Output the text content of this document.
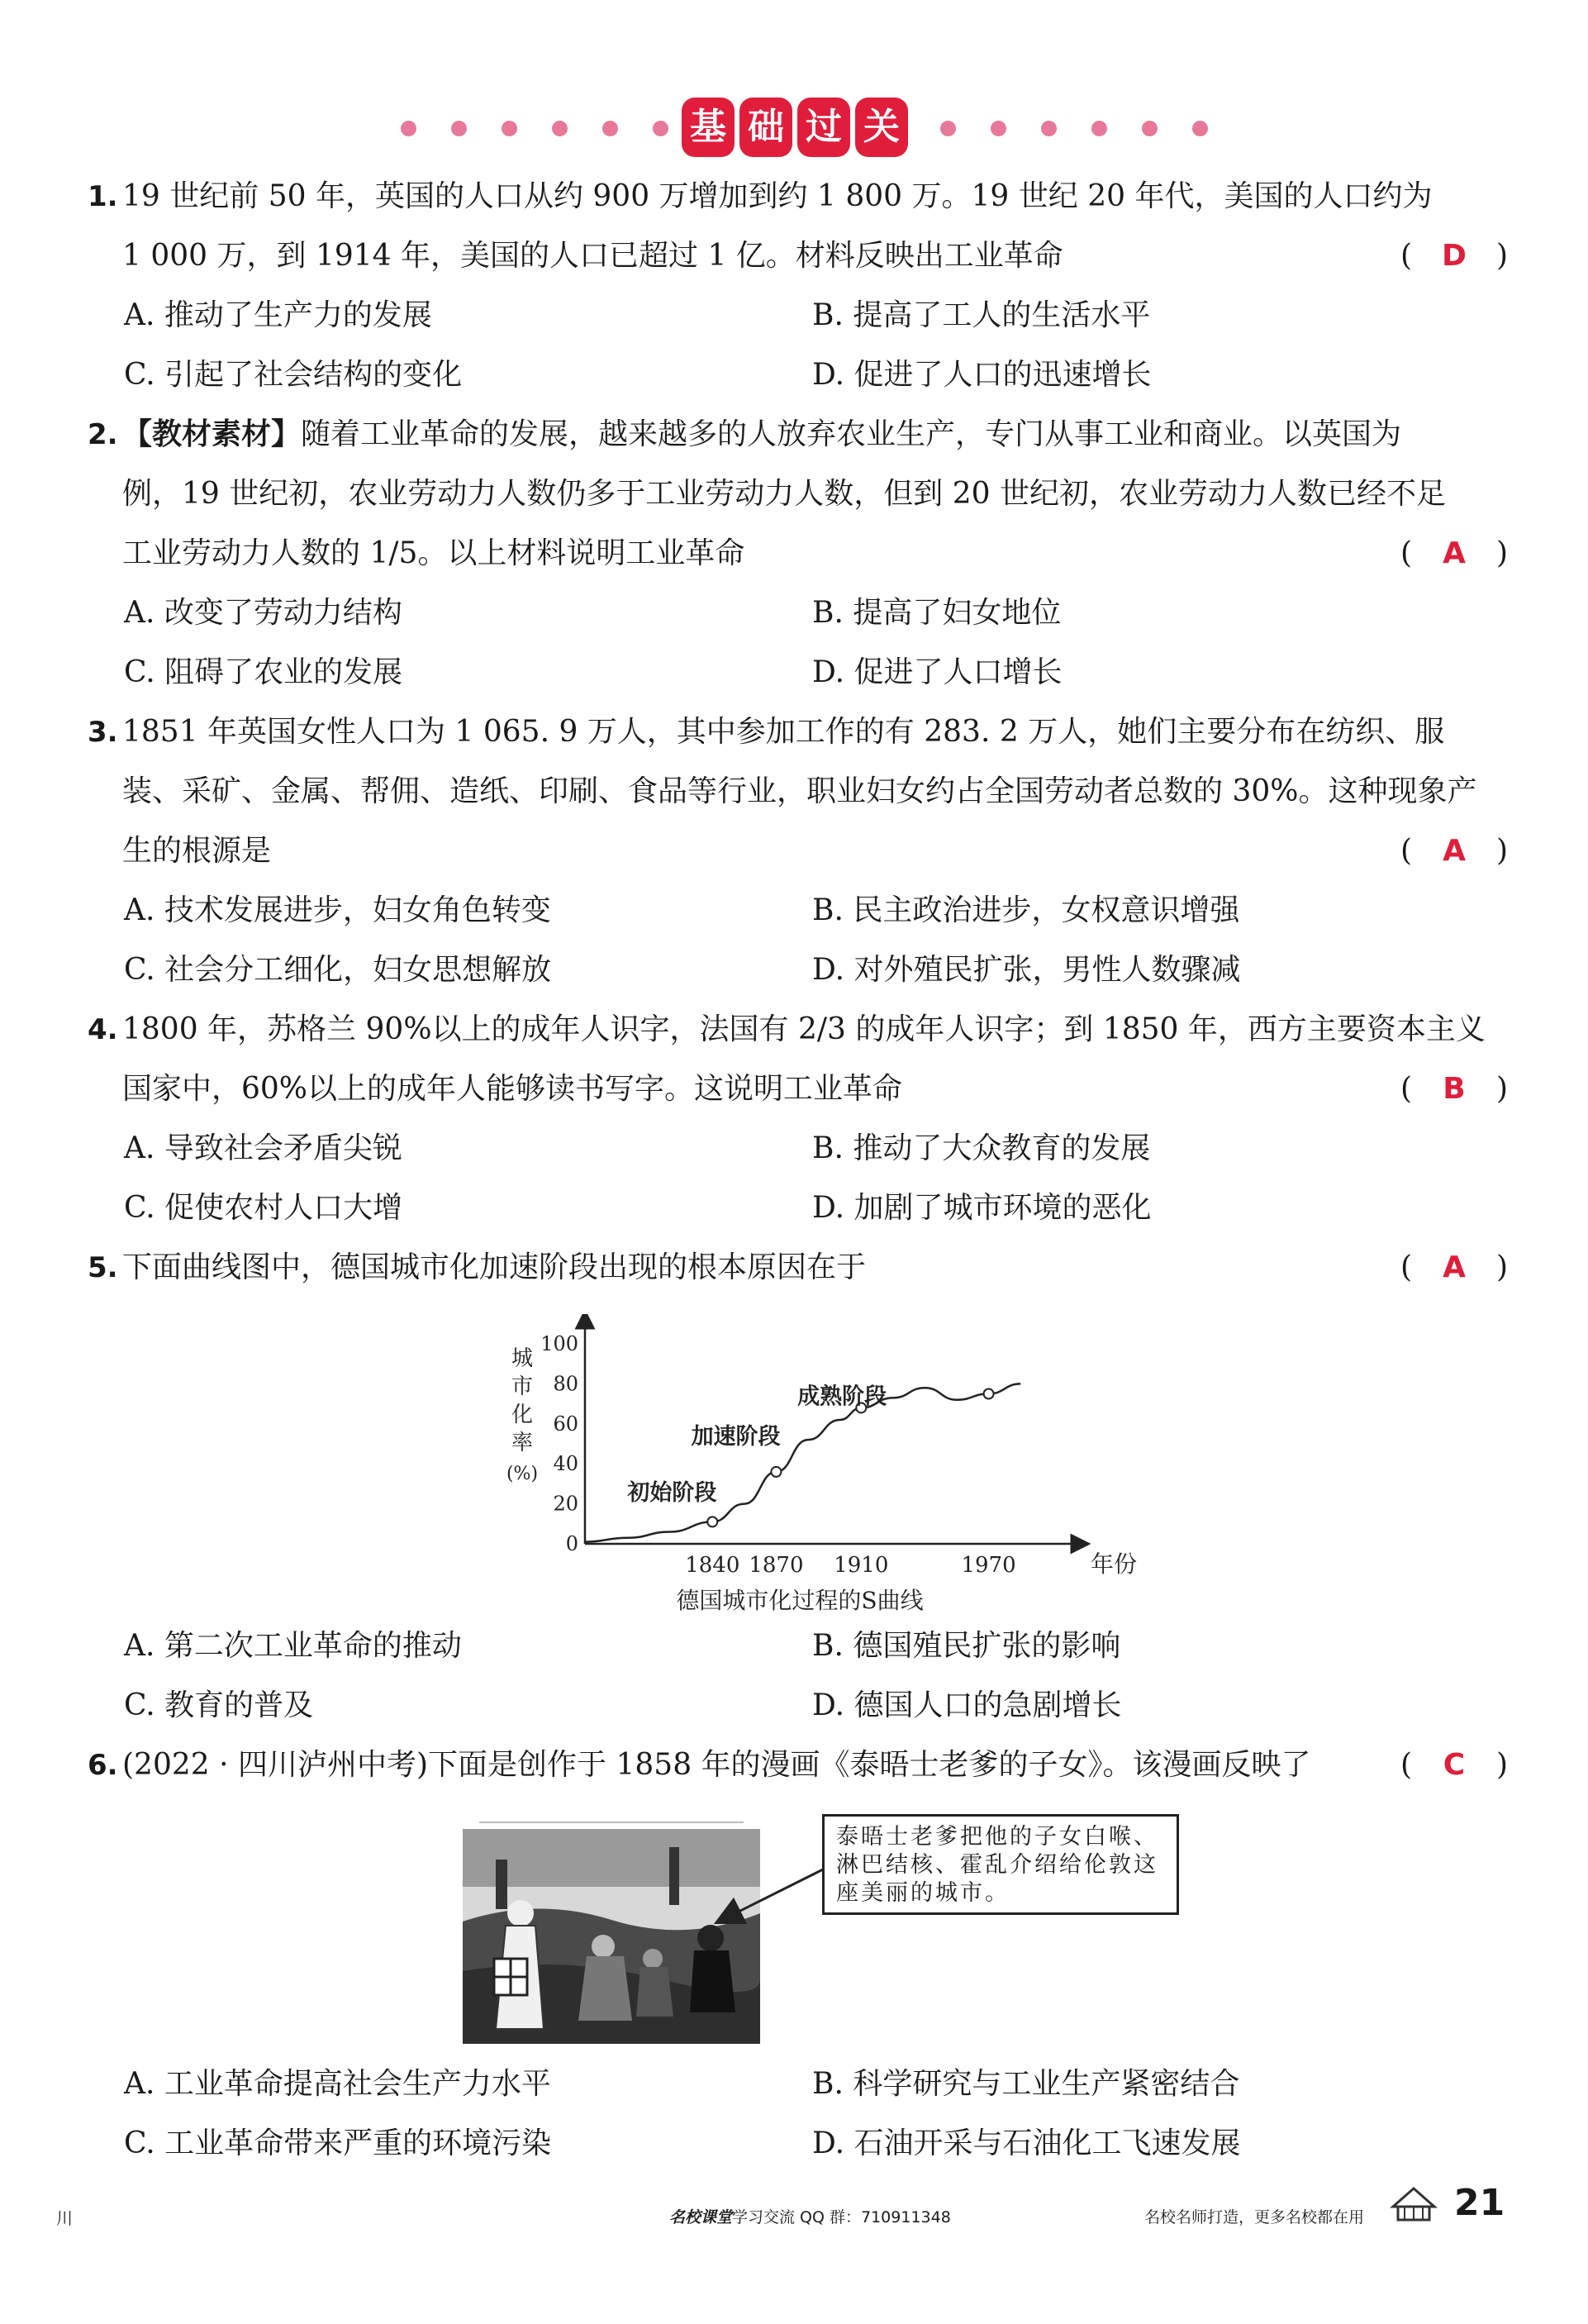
基 础 过 关
1. 19 世纪前 50 年，英国的人口从约 900 万增加到约 1 800 万。19 世纪 20 年代，美国的人口约为
1 000 万，到 1914 年，美国的人口已超过 1 亿。材料反映出工业革命	( D )
A. 推动了生产力的发展	B. 提高了工人的生活水平
C. 引起了社会结构的变化	D. 促进了人口的迅速增长
2. 【教材素材】随着工业革命的发展，越来越多的人放弃农业生产，专门从事工业和商业。以英国为
例，19 世纪初，农业劳动力人数仍多于工业劳动力人数，但到 20 世纪初，农业劳动力人数已经不足
工业劳动力人数的 1/5。以上材料说明工业革命	( A )
A. 改变了劳动力结构	B. 提高了妇女地位
C. 阻碍了农业的发展	D. 促进了人口增长
3. 1851 年英国女性人口为 1 065. 9 万人，其中参加工作的有 283. 2 万人，她们主要分布在纺织、服
装、采矿、金属、帮佣、造纸、印刷、食品等行业，职业妇女约占全国劳动者总数的 30%。这种现象产
生的根源是	( A )
A. 技术发展进步，妇女角色转变	B. 民主政治进步，女权意识增强
C. 社会分工细化，妇女思想解放	D. 对外殖民扩张，男性人数骤减
4. 1800 年，苏格兰 90%以上的成年人识字，法国有 2/3 的成年人识字；到 1850 年，西方主要资本主义
国家中，60%以上的成年人能够读书写字。这说明工业革命	( B )
A. 导致社会矛盾尖锐	B. 推动了大众教育的发展
C. 促使农村人口大增	D. 加剧了城市环境的恶化
5. 下面曲线图中，德国城市化加速阶段出现的根本原因在于	( A )
0
20
40
60
80
100
城
市
化
率
(%)
1840 1870 1910	1970	年份
初始阶段
加速阶段
成熟阶段
德国城市化过程的S曲线
A. 第二次工业革命的推动	B. 德国殖民扩张的影响
C. 教育的普及	D. 德国人口的急剧增长
6. (2022 · 四川泸州中考)下面是创作于 1858 年的漫画《泰晤士老爹的子女》。该漫画反映了	( C )
泰晤士老爹把他的子女白喉、淋巴结核、霍乱介绍给伦敦这座美丽的城市。
A. 工业革命提高社会生产力水平	B. 科学研究与工业生产紧密结合
C. 工业革命带来严重的环境污染	D. 石油开采与石油化工飞速发展
川	名校课堂学习交流 QQ 群：710911348	名校名师打造，更多名校都在用 21
